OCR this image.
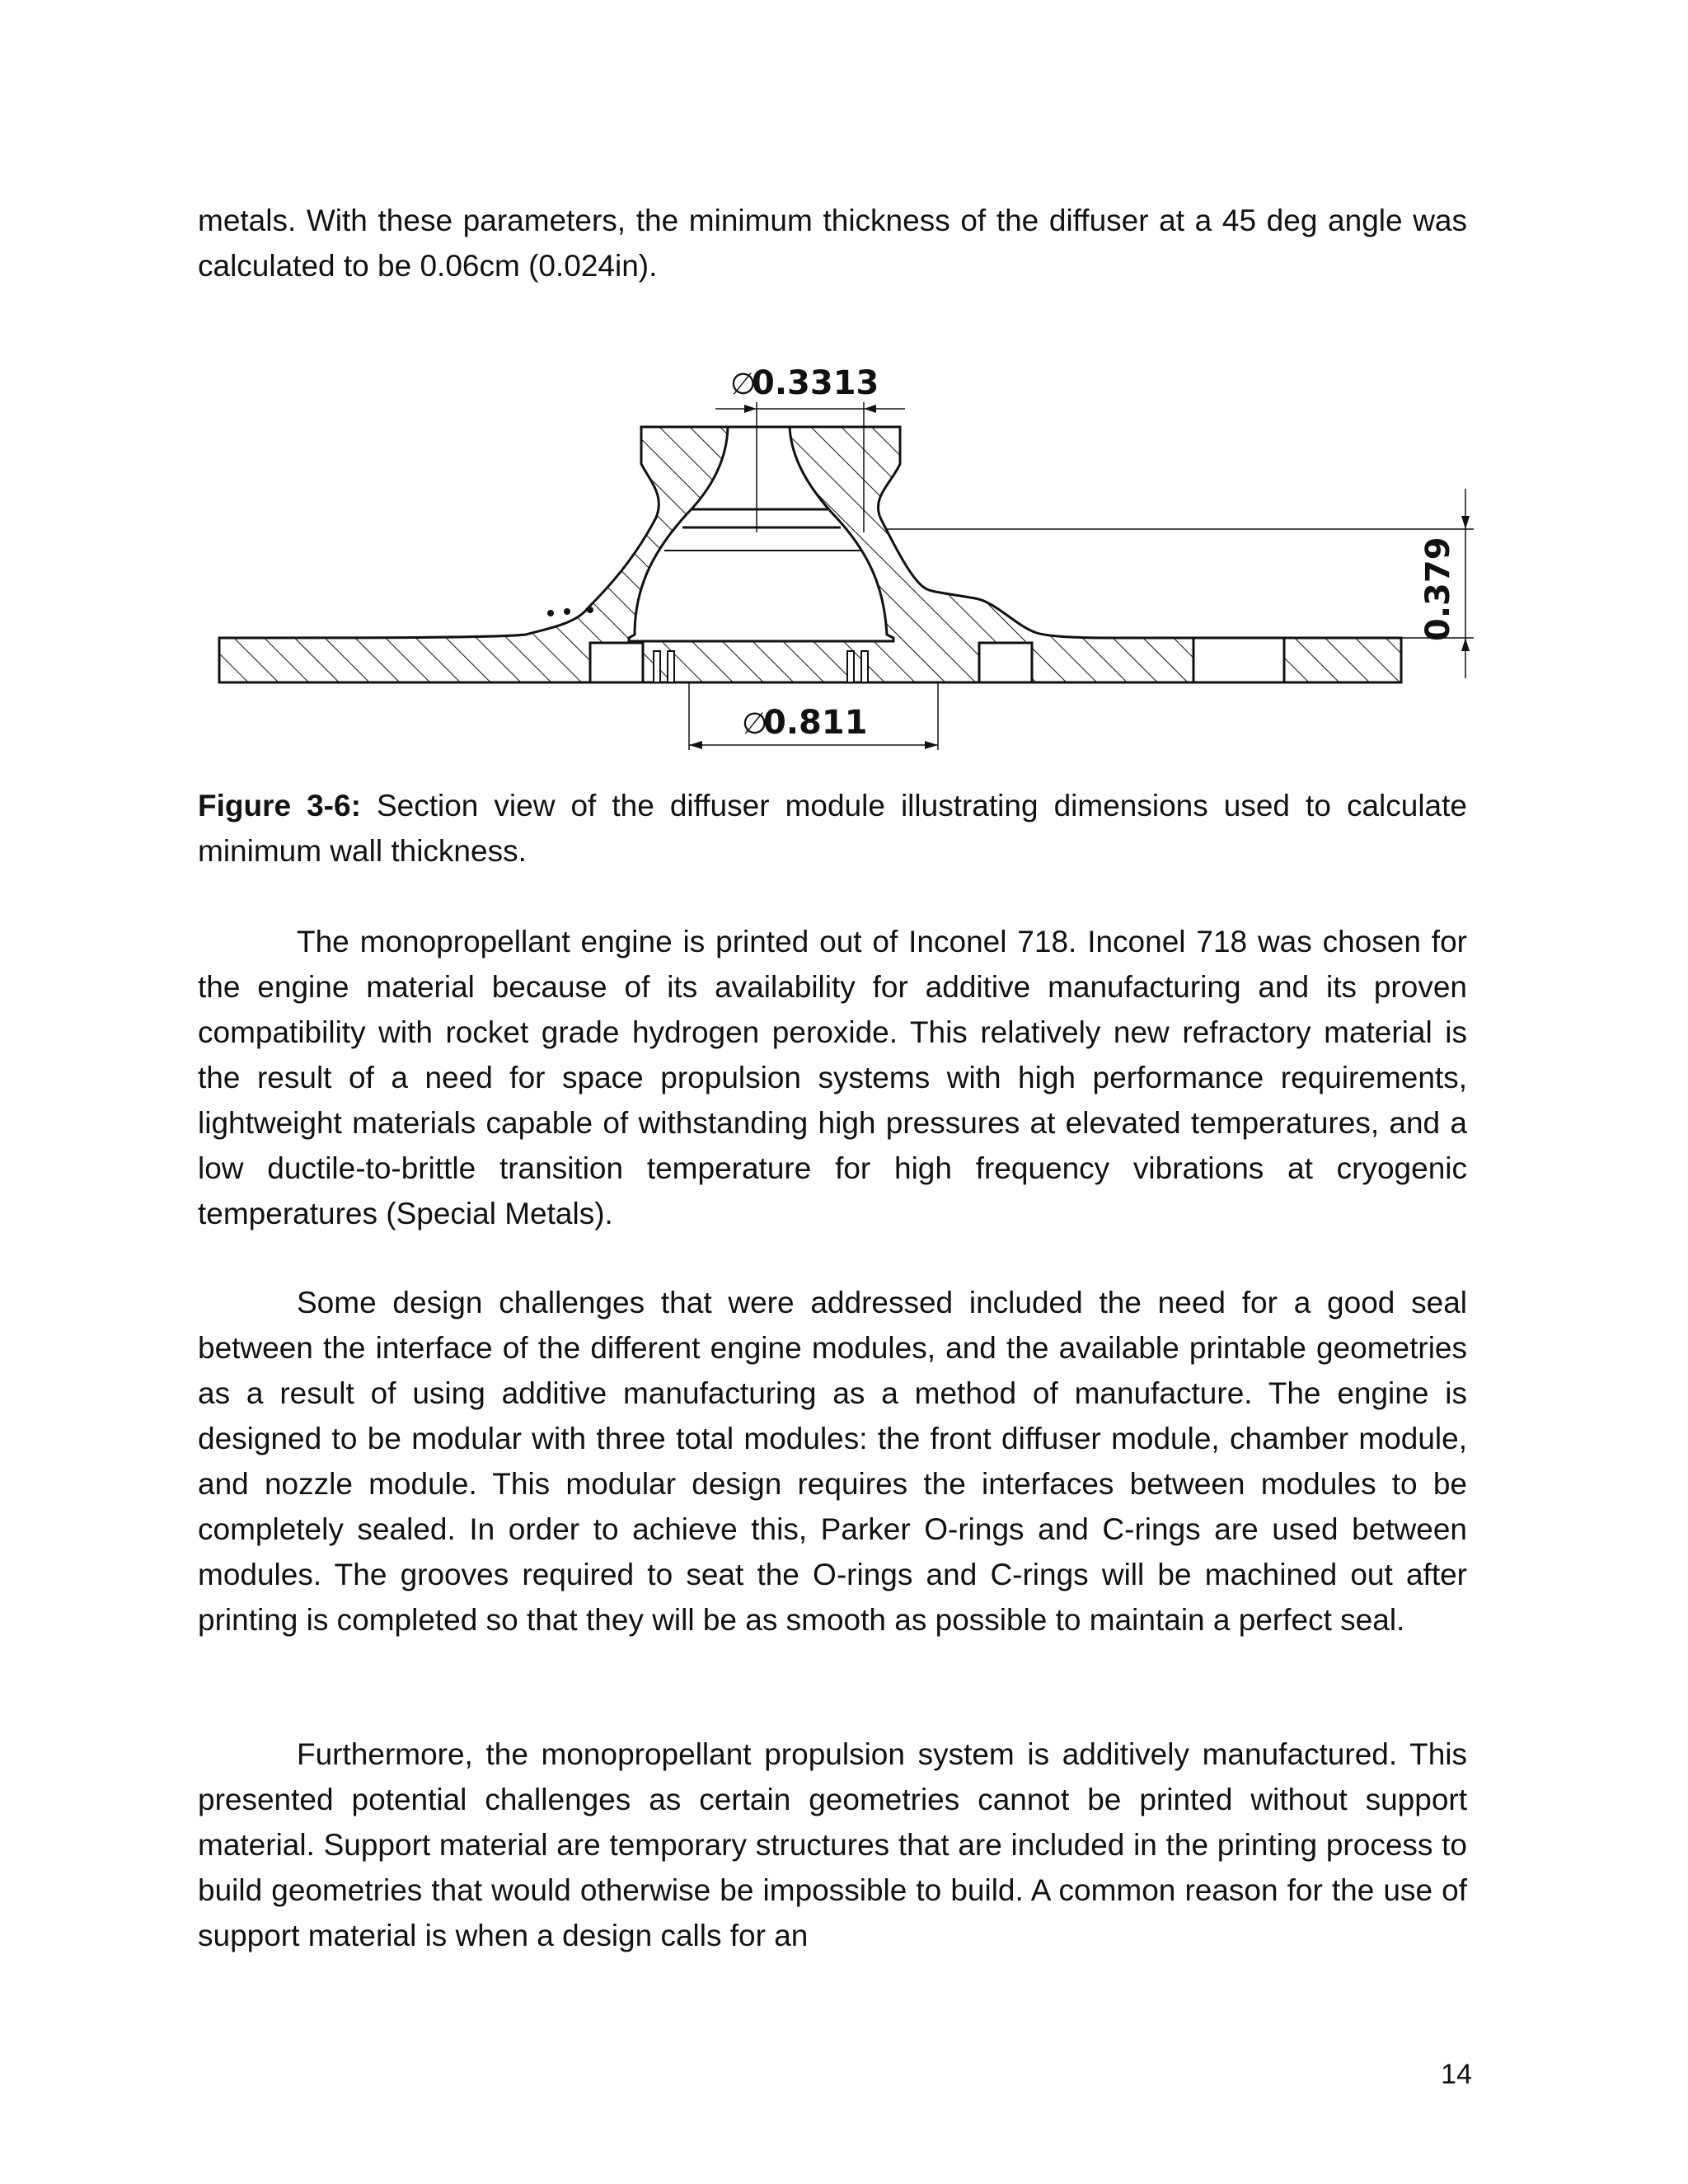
metals. With these parameters, the minimum thickness of the diffuser at a 45 deg angle was calculated to be 0.06cm (0.024in).

∅
0.3313
∅
0.811
0.379

Figure 3-6: Section view of the diffuser module illustrating dimensions used to calculate minimum wall thickness.

The monopropellant engine is printed out of Inconel 718. Inconel 718 was chosen for the engine material because of its availability for additive manufacturing and its proven compatibility with rocket grade hydrogen peroxide. This relatively new refractory material is the result of a need for space propulsion systems with high performance requirements, lightweight materials capable of withstanding high pressures at elevated temperatures, and a low ductile-to-brittle transition temperature for high frequency vibrations at cryogenic temperatures (Special Metals).

Some design challenges that were addressed included the need for a good seal between the interface of the different engine modules, and the available printable geometries as a result of using additive manufacturing as a method of manufacture. The engine is designed to be modular with three total modules: the front diffuser module, chamber module, and nozzle module. This modular design requires the interfaces between modules to be completely sealed. In order to achieve this, Parker O-rings and C-rings are used between modules. The grooves required to seat the O-rings and C-rings will be machined out after printing is completed so that they will be as smooth as possible to maintain a perfect seal.

Furthermore, the monopropellant propulsion system is additively manufactured. This presented potential challenges as certain geometries cannot be printed without support material. Support material are temporary structures that are included in the printing process to build geometries that would otherwise be impossible to build. A common reason for the use of support material is when a design calls for an

14
